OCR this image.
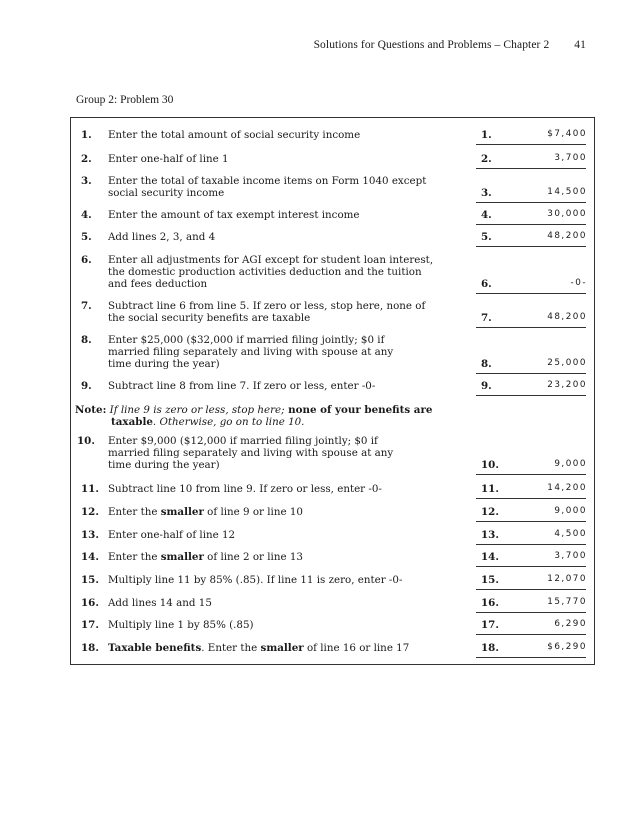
Solutions for Questions and Problems – Chapter 2 41
Group 2: Problem 30
1. Enter the total amount of social security income	1.	$7,400
2. Enter one-half of line 1	2.	3,700
3. Enter the total of taxable income items on Form 1040 except
social security income	3.	14,500
4. Enter the amount of tax exempt interest income	4.	30,000
5. Add lines 2, 3, and 4	5.	48,200
6. Enter all adjustments for AGI except for student loan interest,
the domestic production activities deduction and the tuition
and fees deduction	6.	-0-
7. Subtract line 6 from line 5. If zero or less, stop here, none of
the social security benefits are taxable	7.	48,200
8. Enter $25,000 ($32,000 if married filing jointly; $0 if
married filing separately and living with spouse at any
time during the year)	8.	25,000
9. Subtract line 8 from line 7. If zero or less, enter -0-	9.	23,200
Note: If line 9 is zero or less, stop here; none of your benefits are
taxable. Otherwise, go on to line 10.
10. Enter $9,000 ($12,000 if married filing jointly; $0 if
married filing separately and living with spouse at any
time during the year)	10.	9,000
11. Subtract line 10 from line 9. If zero or less, enter -0-	11.	14,200
12. Enter the smaller of line 9 or line 10	12.	9,000
13. Enter one-half of line 12	13.	4,500
14. Enter the smaller of line 2 or line 13	14.	3,700
15. Multiply line 11 by 85% (.85). If line 11 is zero, enter -0-	15.	12,070
16. Add lines 14 and 15	16.	15,770
17. Multiply line 1 by 85% (.85)	17.	6,290
18. Taxable benefits. Enter the smaller of line 16 or line 17	18.	$6,290
